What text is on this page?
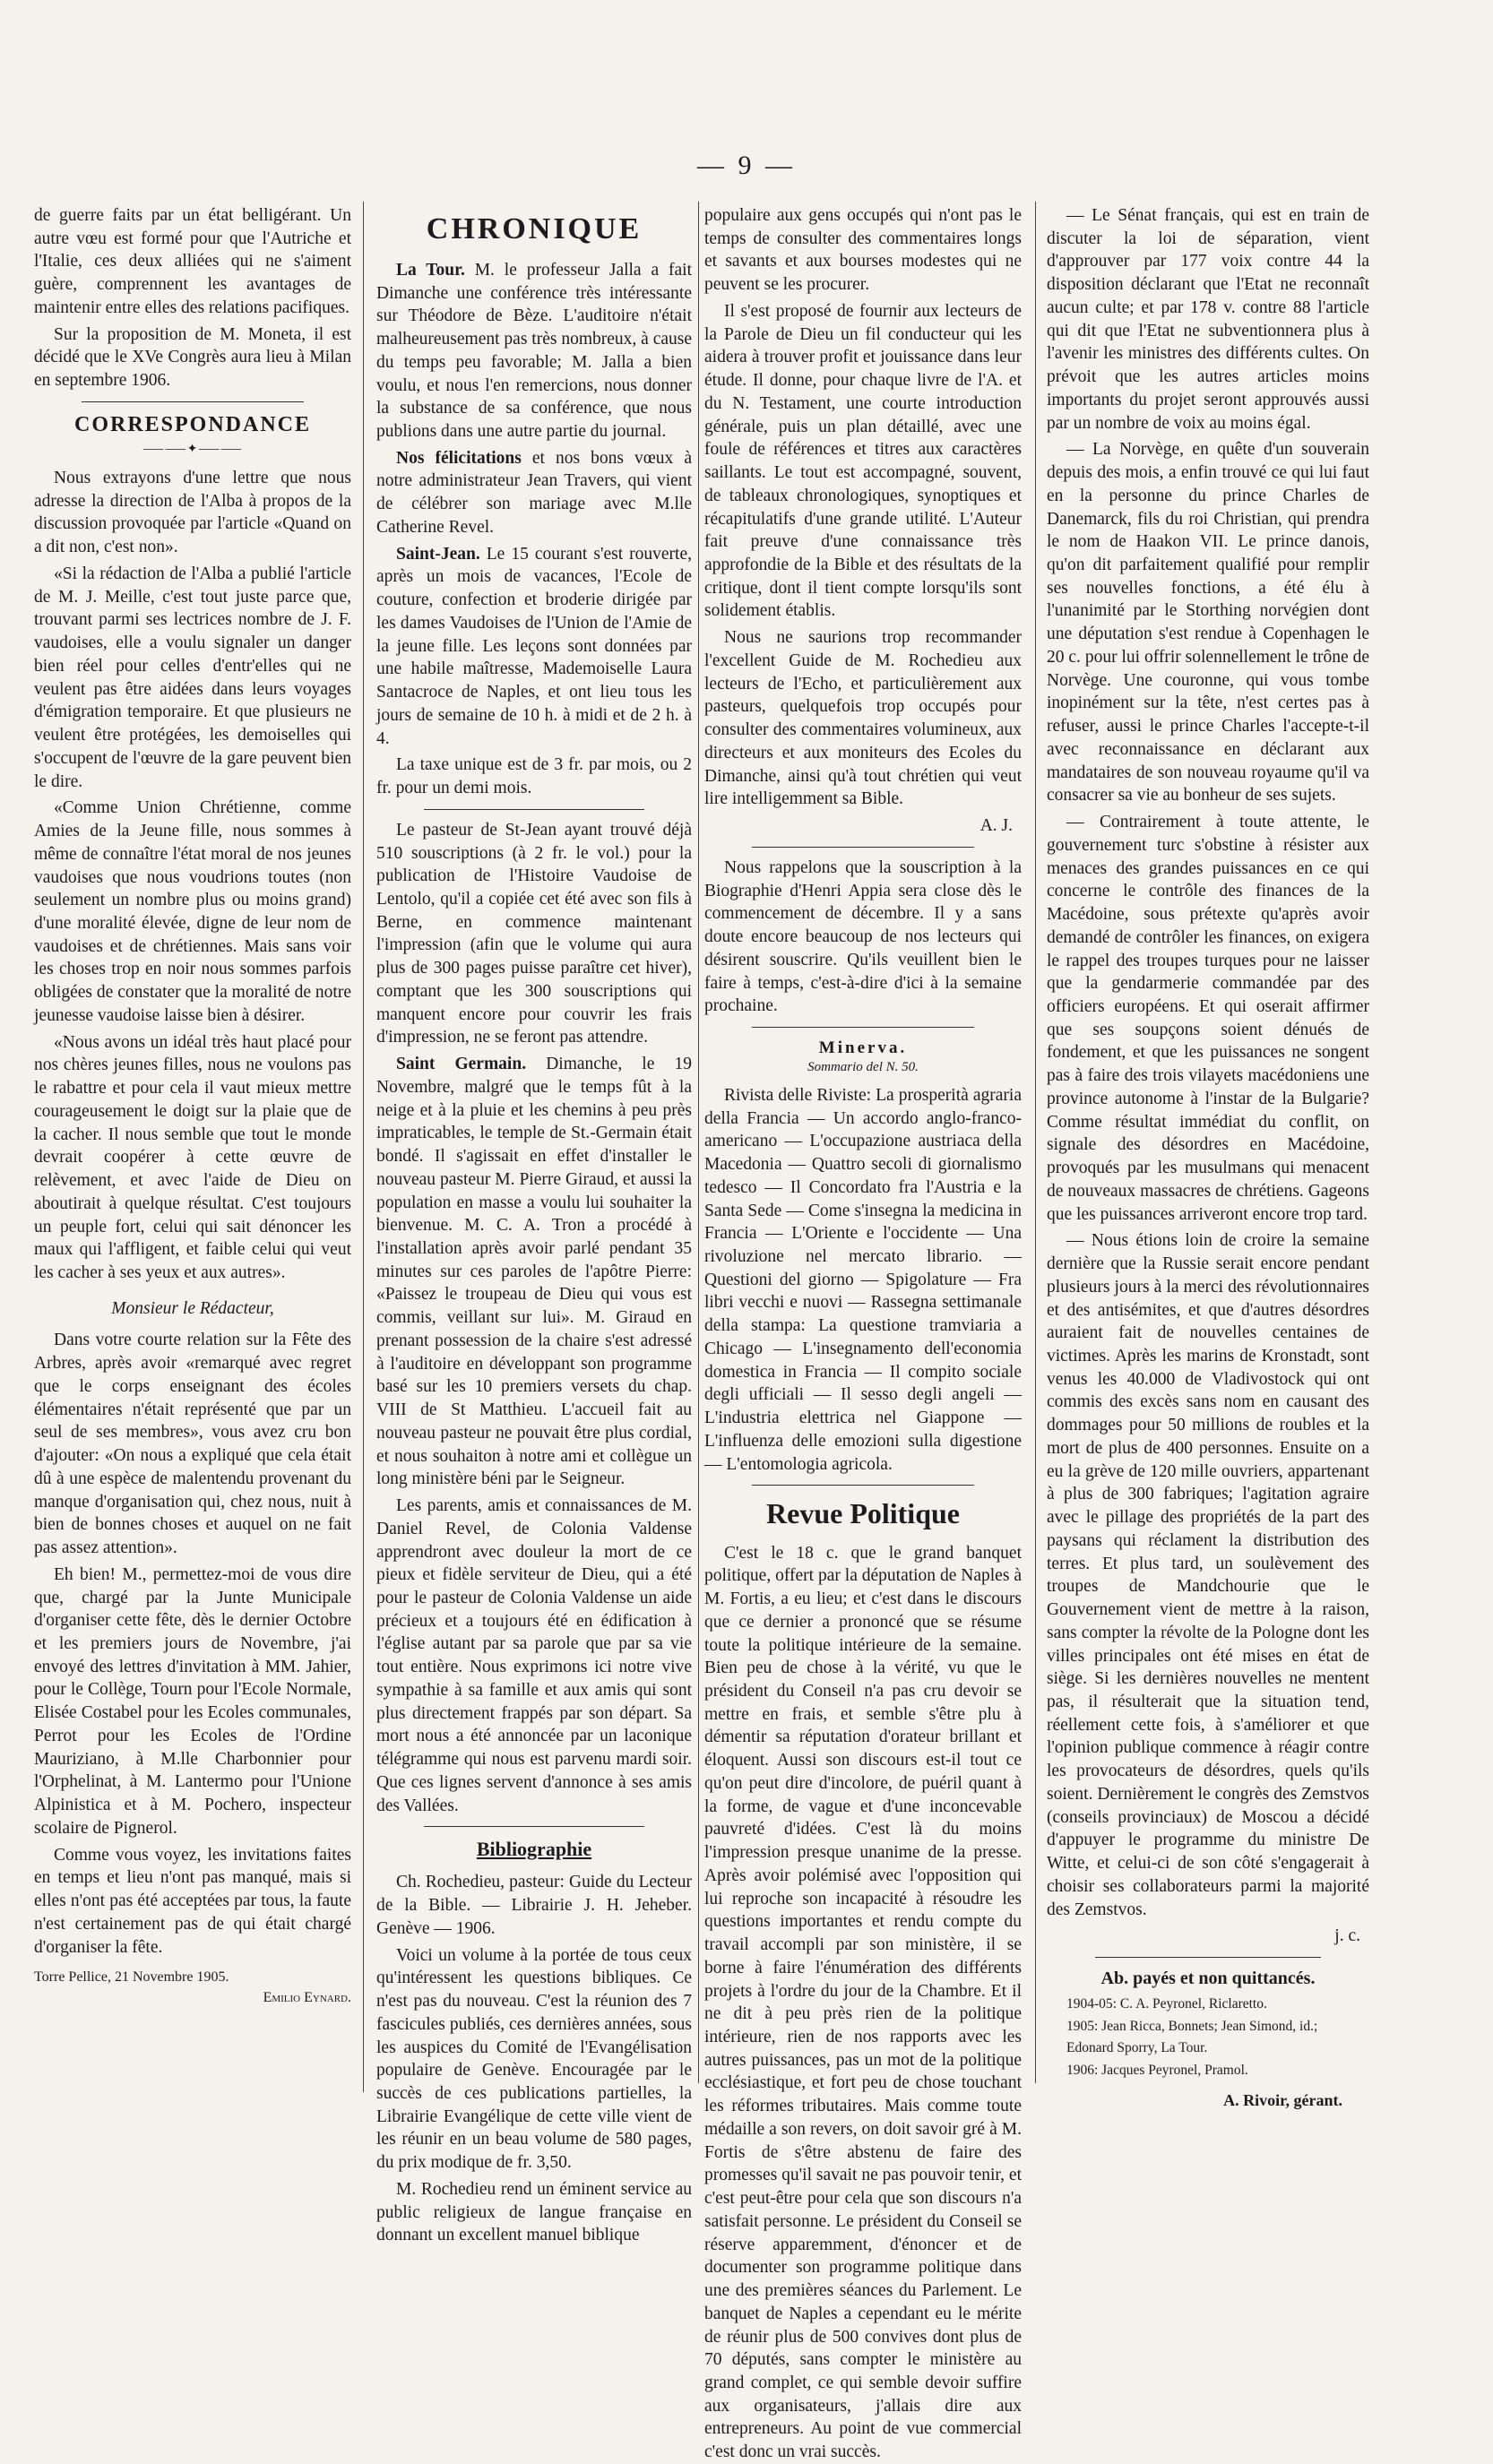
— 9 —

de guerre faits par un état belligérant. Un autre vœu est formé pour que l'Autriche et l'Italie, ces deux alliées qui ne s'aiment guère, comprennent les avantages de maintenir entre elles des relations pacifiques.

Sur la proposition de M. Moneta, il est décidé que le XVe Congrès aura lieu à Milan en septembre 1906.

CORRESPONDANCE
⸺⸺✦⸺⸺

Nous extrayons d'une lettre que nous adresse la direction de l'Alba à propos de la discussion provoquée par l'article «Quand on a dit non, c'est non».

«Si la rédaction de l'Alba a publié l'article de M. J. Meille, c'est tout juste parce que, trouvant parmi ses lectrices nombre de J. F. vaudoises, elle a voulu signaler un danger bien réel pour celles d'entr'elles qui ne veulent pas être aidées dans leurs voyages d'émigration temporaire. Et que plusieurs ne veulent être protégées, les demoiselles qui s'occupent de l'œuvre de la gare peuvent bien le dire.

«Comme Union Chrétienne, comme Amies de la Jeune fille, nous sommes à même de connaître l'état moral de nos jeunes vaudoises que nous voudrions toutes (non seulement un nombre plus ou moins grand) d'une moralité élevée, digne de leur nom de vaudoises et de chrétiennes. Mais sans voir les choses trop en noir nous sommes parfois obligées de constater que la moralité de notre jeunesse vaudoise laisse bien à désirer.

«Nous avons un idéal très haut placé pour nos chères jeunes filles, nous ne voulons pas le rabattre et pour cela il vaut mieux mettre courageusement le doigt sur la plaie que de la cacher. Il nous semble que tout le monde devrait coopérer à cette œuvre de relèvement, et avec l'aide de Dieu on aboutirait à quelque résultat. C'est toujours un peuple fort, celui qui sait dénoncer les maux qui l'affligent, et faible celui qui veut les cacher à ses yeux et aux autres».

Monsieur le Rédacteur,

Dans votre courte relation sur la Fête des Arbres, après avoir «remarqué avec regret que le corps enseignant des écoles élémentaires n'était représenté que par un seul de ses membres», vous avez cru bon d'ajouter: «On nous a expliqué que cela était dû à une espèce de malentendu provenant du manque d'organisation qui, chez nous, nuit à bien de bonnes choses et auquel on ne fait pas assez attention».

Eh bien! M., permettez-moi de vous dire que, chargé par la Junte Municipale d'organiser cette fête, dès le dernier Octobre et les premiers jours de Novembre, j'ai envoyé des lettres d'invitation à MM. Jahier, pour le Collège, Tourn pour l'Ecole Normale, Elisée Costabel pour les Ecoles communales, Perrot pour les Ecoles de l'Ordine Mauriziano, à M.lle Charbonnier pour l'Orphelinat, à M. Lantermo pour l'Unione Alpinistica et à M. Pochero, inspecteur scolaire de Pignerol.

Comme vous voyez, les invitations faites en temps et lieu n'ont pas manqué, mais si elles n'ont pas été acceptées par tous, la faute n'est certainement pas de qui était chargé d'organiser la fête.

Torre Pellice, 21 Novembre 1905.
Emilio Eynard.
CHRONIQUE

La Tour. M. le professeur Jalla a fait Dimanche une conférence très intéressante sur Théodore de Bèze. L'auditoire n'était malheureusement pas très nombreux, à cause du temps peu favorable; M. Jalla a bien voulu, et nous l'en remercions, nous donner la substance de sa conférence, que nous publions dans une autre partie du journal.

Nos félicitations et nos bons vœux à notre administrateur Jean Travers, qui vient de célébrer son mariage avec M.lle Catherine Revel.

Saint-Jean. Le 15 courant s'est rouverte, après un mois de vacances, l'Ecole de couture, confection et broderie dirigée par les dames Vaudoises de l'Union de l'Amie de la jeune fille. Les leçons sont données par une habile maîtresse, Mademoiselle Laura Santacroce de Naples, et ont lieu tous les jours de semaine de 10 h. à midi et de 2 h. à 4.

La taxe unique est de 3 fr. par mois, ou 2 fr. pour un demi mois.

Le pasteur de St-Jean ayant trouvé déjà 510 souscriptions (à 2 fr. le vol.) pour la publication de l'Histoire Vaudoise de Lentolo, qu'il a copiée cet été avec son fils à Berne, en commence maintenant l'impression (afin que le volume qui aura plus de 300 pages puisse paraître cet hiver), comptant que les 300 souscriptions qui manquent encore pour couvrir les frais d'impression, ne se feront pas attendre.

Saint Germain. Dimanche, le 19 Novembre, malgré que le temps fût à la neige et à la pluie et les chemins à peu près impraticables, le temple de St.-Germain était bondé. Il s'agissait en effet d'installer le nouveau pasteur M. Pierre Giraud, et aussi la population en masse a voulu lui souhaiter la bienvenue. M. C. A. Tron a procédé à l'installation après avoir parlé pendant 35 minutes sur ces paroles de l'apôtre Pierre: «Paissez le troupeau de Dieu qui vous est commis, veillant sur lui». M. Giraud en prenant possession de la chaire s'est adressé à l'auditoire en développant son programme basé sur les 10 premiers versets du chap. VIII de St Matthieu. L'accueil fait au nouveau pasteur ne pouvait être plus cordial, et nous souhaiton à notre ami et collègue un long ministère béni par le Seigneur.

Les parents, amis et connaissances de M. Daniel Revel, de Colonia Valdense apprendront avec douleur la mort de ce pieux et fidèle serviteur de Dieu, qui a été pour le pasteur de Colonia Valdense un aide précieux et a toujours été en édification à l'église autant par sa parole que par sa vie tout entière. Nous exprimons ici notre vive sympathie à sa famille et aux amis qui sont plus directement frappés par son départ. Sa mort nous a été annoncée par un laconique télégramme qui nous est parvenu mardi soir. Que ces lignes servent d'annonce à ses amis des Vallées.

Bibliographie

Ch. Rochedieu, pasteur: Guide du Lecteur de la Bible. — Librairie J. H. Jeheber. Genève — 1906.

Voici un volume à la portée de tous ceux qu'intéressent les questions bibliques. Ce n'est pas du nouveau. C'est la réunion des 7 fascicules publiés, ces dernières années, sous les auspices du Comité de l'Evangélisation populaire de Genève. Encouragée par le succès de ces publications partielles, la Librairie Evangélique de cette ville vient de les réunir en un beau volume de 580 pages, du prix modique de fr. 3,50.

M. Rochedieu rend un éminent service au public religieux de langue française en donnant un excellent manuel biblique

populaire aux gens occupés qui n'ont pas le temps de consulter des commentaires longs et savants et aux bourses modestes qui ne peuvent se les procurer.

Il s'est proposé de fournir aux lecteurs de la Parole de Dieu un fil conducteur qui les aidera à trouver profit et jouissance dans leur étude. Il donne, pour chaque livre de l'A. et du N. Testament, une courte introduction générale, puis un plan détaillé, avec une foule de références et titres aux caractères saillants. Le tout est accompagné, souvent, de tableaux chronologiques, synoptiques et récapitulatifs d'une grande utilité. L'Auteur fait preuve d'une connaissance très approfondie de la Bible et des résultats de la critique, dont il tient compte lorsqu'ils sont solidement établis.

Nous ne saurions trop recommander l'excellent Guide de M. Rochedieu aux lecteurs de l'Echo, et particulièrement aux pasteurs, quelquefois trop occupés pour consulter des commentaires volumineux, aux directeurs et aux moniteurs des Ecoles du Dimanche, ainsi qu'à tout chrétien qui veut lire intelligemment sa Bible.

A. J.

Nous rappelons que la souscription à la Biographie d'Henri Appia sera close dès le commencement de décembre. Il y a sans doute encore beaucoup de nos lecteurs qui désirent souscrire. Qu'ils veuillent bien le faire à temps, c'est-à-dire d'ici à la semaine prochaine.

Minerva.
Sommario del N. 50.

Rivista delle Riviste: La prosperità agraria della Francia — Un accordo anglo-franco-americano — L'occupazione austriaca della Macedonia — Quattro secoli di giornalismo tedesco — Il Concordato fra l'Austria e la Santa Sede — Come s'insegna la medicina in Francia — L'Oriente e l'occidente — Una rivoluzione nel mercato librario. — Questioni del giorno — Spigolature — Fra libri vecchi e nuovi — Rassegna settimanale della stampa: La questione tramviaria a Chicago — L'insegnamento dell'economia domestica in Francia — Il compito sociale degli ufficiali — Il sesso degli angeli — L'industria elettrica nel Giappone — L'influenza delle emozioni sulla digestione — L'entomologia agricola.

Revue Politique

C'est le 18 c. que le grand banquet politique, offert par la députation de Naples à M. Fortis, a eu lieu; et c'est dans le discours que ce dernier a prononcé que se résume toute la politique intérieure de la semaine. Bien peu de chose à la vérité, vu que le président du Conseil n'a pas cru devoir se mettre en frais, et semble s'être plu à démentir sa réputation d'orateur brillant et éloquent. Aussi son discours est-il tout ce qu'on peut dire d'incolore, de puéril quant à la forme, de vague et d'une inconcevable pauvreté d'idées. C'est là du moins l'impression presque unanime de la presse. Après avoir polémisé avec l'opposition qui lui reproche son incapacité à résoudre les questions importantes et rendu compte du travail accompli par son ministère, il se borne à faire l'énumération des différents projets à l'ordre du jour de la Chambre. Et il ne dit à peu près rien de la politique intérieure, rien de nos rapports avec les autres puissances, pas un mot de la politique ecclésiastique, et fort peu de chose touchant les réformes tributaires. Mais comme toute médaille a son revers, on doit savoir gré à M. Fortis de s'être abstenu de faire des promesses qu'il savait ne pas pouvoir tenir, et c'est peut-être pour cela que son discours n'a satisfait personne. Le président du Conseil se réserve apparemment, d'énoncer et de documenter son programme politique dans une des premières séances du Parlement. Le banquet de Naples a cependant eu le mérite de réunir plus de 500 convives dont plus de 70 députés, sans compter le ministère au grand complet, ce qui semble devoir suffire aux organisateurs, j'allais dire aux entrepreneurs. Au point de vue commercial c'est donc un vrai succès.

— Le Sénat français, qui est en train de discuter la loi de séparation, vient d'approuver par 177 voix contre 44 la disposition déclarant que l'Etat ne reconnaît aucun culte; et par 178 v. contre 88 l'article qui dit que l'Etat ne subventionnera plus à l'avenir les ministres des différents cultes. On prévoit que les autres articles moins importants du projet seront approuvés aussi par un nombre de voix au moins égal.

— La Norvège, en quête d'un souverain depuis des mois, a enfin trouvé ce qui lui faut en la personne du prince Charles de Danemarck, fils du roi Christian, qui prendra le nom de Haakon VII. Le prince danois, qu'on dit parfaitement qualifié pour remplir ses nouvelles fonctions, a été élu à l'unanimité par le Storthing norvégien dont une députation s'est rendue à Copenhagen le 20 c. pour lui offrir solennellement le trône de Norvège. Une couronne, qui vous tombe inopinément sur la tête, n'est certes pas à refuser, aussi le prince Charles l'accepte-t-il avec reconnaissance en déclarant aux mandataires de son nouveau royaume qu'il va consacrer sa vie au bonheur de ses sujets.

— Contrairement à toute attente, le gouvernement turc s'obstine à résister aux menaces des grandes puissances en ce qui concerne le contrôle des finances de la Macédoine, sous prétexte qu'après avoir demandé de contrôler les finances, on exigera le rappel des troupes turques pour ne laisser que la gendarmerie commandée par des officiers européens. Et qui oserait affirmer que ses soupçons soient dénués de fondement, et que les puissances ne songent pas à faire des trois vilayets macédoniens une province autonome à l'instar de la Bulgarie? Comme résultat immédiat du conflit, on signale des désordres en Macédoine, provoqués par les musulmans qui menacent de nouveaux massacres de chrétiens. Gageons que les puissances arriveront encore trop tard.

— Nous étions loin de croire la semaine dernière que la Russie serait encore pendant plusieurs jours à la merci des révolutionnaires et des antisémites, et que d'autres désordres auraient fait de nouvelles centaines de victimes. Après les marins de Kronstadt, sont venus les 40.000 de Vladivostock qui ont commis des excès sans nom en causant des dommages pour 50 millions de roubles et la mort de plus de 400 personnes. Ensuite on a eu la grève de 120 mille ouvriers, appartenant à plus de 300 fabriques; l'agitation agraire avec le pillage des propriétés de la part des paysans qui réclament la distribution des terres. Et plus tard, un soulèvement des troupes de Mandchourie que le Gouvernement vient de mettre à la raison, sans compter la révolte de la Pologne dont les villes principales ont été mises en état de siège. Si les dernières nouvelles ne mentent pas, il résulterait que la situation tend, réellement cette fois, à s'améliorer et que l'opinion publique commence à réagir contre les provocateurs de désordres, quels qu'ils soient. Dernièrement le congrès des Zemstvos (conseils provinciaux) de Moscou a décidé d'appuyer le programme du ministre De Witte, et celui-ci de son côté s'engagerait à choisir ses collaborateurs parmi la majorité des Zemstvos.

j. c.
Ab. payés et non quittancés.

1904-05: C. A. Peyronel, Riclaretto.

1905: Jean Ricca, Bonnets; Jean Simond, id.;

Edonard Sporry, La Tour.

1906: Jacques Peyronel, Pramol.

A. Rivoir, gérant.
